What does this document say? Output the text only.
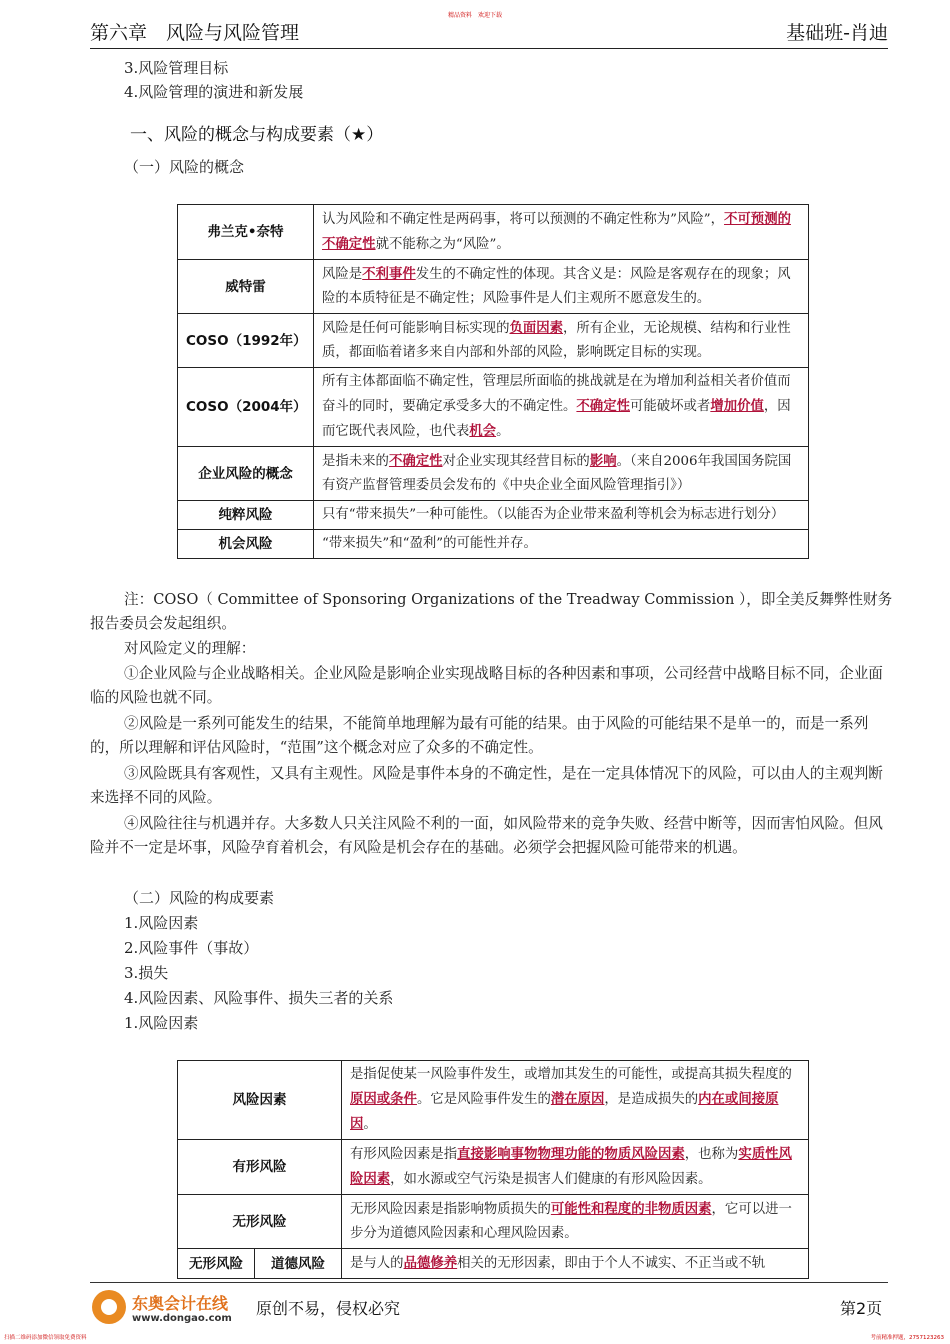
第六章　风险与风险管理
精品资料　欢迎下载
基础班-肖迪
3.风险管理目标
4.风险管理的演进和新发展
一、风险的概念与构成要素（★）
（一）风险的概念
弗兰克•奈特	认为风险和不确定性是两码事，将可以预测的不确定性称为”风险”，不可预测的不确定性就不能称之为“风险”。
威特雷	风险是不利事件发生的不确定性的体现。其含义是：风险是客观存在的现象；风险的本质特征是不确定性；风险事件是人们主观所不愿意发生的。
COSO（1992年）	风险是任何可能影响目标实现的负面因素，所有企业，无论规模、结构和行业性质，都面临着诸多来自内部和外部的风险，影响既定目标的实现。
COSO（2004年）	所有主体都面临不确定性，管理层所面临的挑战就是在为增加利益相关者价值而奋斗的同时，要确定承受多大的不确定性。不确定性可能破坏或者增加价值，因而它既代表风险，也代表机会。
企业风险的概念	是指未来的不确定性对企业实现其经营目标的影响。（来自2006年我国国务院国有资产监督管理委员会发布的《中央企业全面风险管理指引》）
纯粹风险	只有“带来损失”一种可能性。（以能否为企业带来盈利等机会为标志进行划分）
机会风险	“带来损失”和“盈利”的可能性并存。
注：COSO（ Committee of Sponsoring Organizations of the Treadway Commission ），即全美反舞弊性财务报告委员会发起组织。
对风险定义的理解：
①企业风险与企业战略相关。企业风险是影响企业实现战略目标的各种因素和事项，公司经营中战略目标不同，企业面临的风险也就不同。
②风险是一系列可能发生的结果，不能简单地理解为最有可能的结果。由于风险的可能结果不是单一的，而是一系列的，所以理解和评估风险时，“范围”这个概念对应了众多的不确定性。
③风险既具有客观性，又具有主观性。风险是事件本身的不确定性，是在一定具体情况下的风险，可以由人的主观判断来选择不同的风险。
④风险往往与机遇并存。大多数人只关注风险不利的一面，如风险带来的竞争失败、经营中断等，因而害怕风险。但风险并不一定是坏事，风险孕育着机会，有风险是机会存在的基础。必须学会把握风险可能带来的机遇。
（二）风险的构成要素
1.风险因素
2.风险事件（事故）
3.损失
4.风险因素、风险事件、损失三者的关系
1.风险因素
风险因素		是指促使某一风险事件发生，或增加其发生的可能性，或提高其损失程度的原因或条件。它是风险事件发生的潜在原因，是造成损失的内在或间接原因。
有形风险		有形风险因素是指直接影响事物物理功能的物质风险因素，也称为实质性风险因素，如水源或空气污染是损害人们健康的有形风险因素。
无形风险		无形风险因素是指影响物质损失的可能性和程度的非物质因素，它可以进一步分为道德风险因素和心理风险因素。
无形风险	道德风险	是与人的品德修养相关的无形因素，即由于个人不诚实、不正当或不轨
东奥会计在线
www.dongao.com
原创不易，侵权必究	第2页
扫描二维码添加微信领取免费资料	考前精准押题，2757123263
